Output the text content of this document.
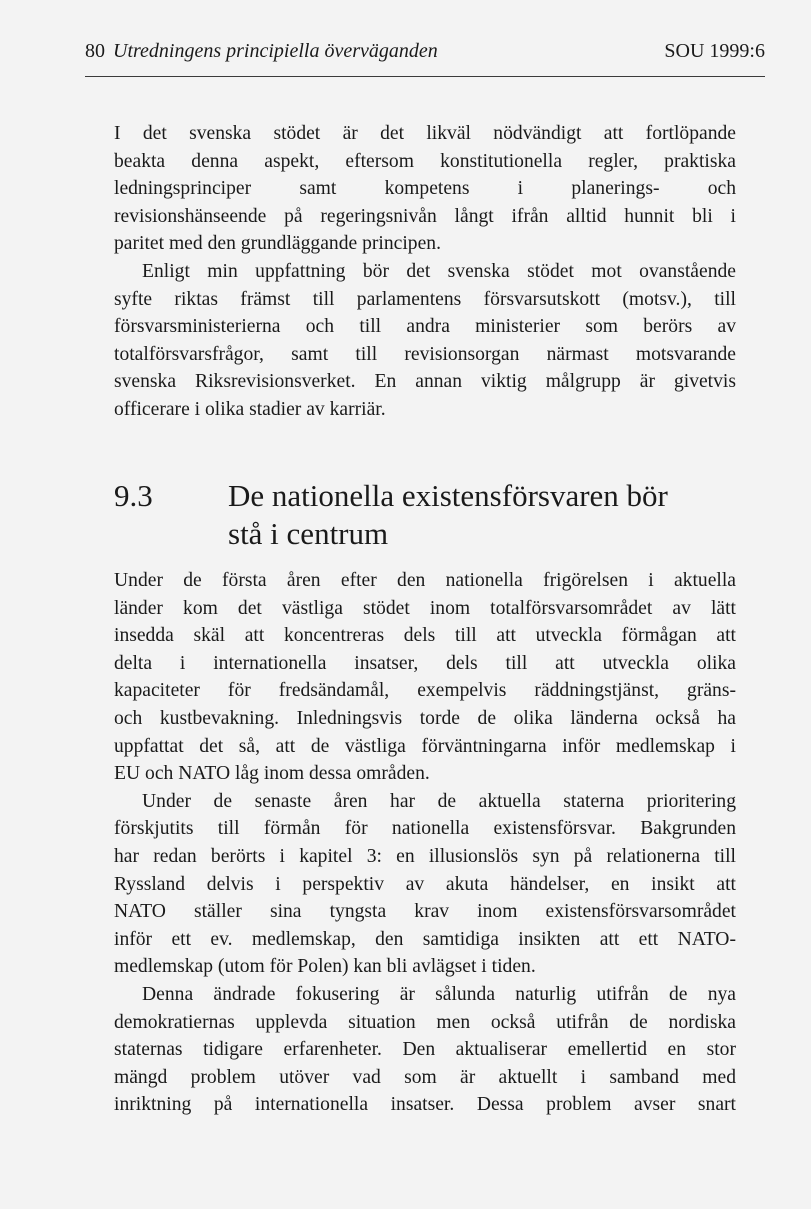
80 Utredningens principiella överväganden	SOU 1999:6
I det svenska stödet är det likväl nödvändigt att fortlöpande
beakta denna aspekt, eftersom konstitutionella regler, praktiska
ledningsprinciper samt kompetens i planerings- och
revisionshänseende på regeringsnivån långt ifrån alltid hunnit bli i
paritet med den grundläggande principen.
Enligt min uppfattning bör det svenska stödet mot ovanstående
syfte riktas främst till parlamentens försvarsutskott (motsv.), till
försvarsministerierna och till andra ministerier som berörs av
totalförsvarsfrågor, samt till revisionsorgan närmast motsvarande
svenska Riksrevisionsverket. En annan viktig målgrupp är givetvis
officerare i olika stadier av karriär.
9.3 De nationella existensförsvaren bör
stå i centrum
Under de första åren efter den nationella frigörelsen i aktuella
länder kom det västliga stödet inom totalförsvarsområdet av lätt
insedda skäl att koncentreras dels till att utveckla förmågan att
delta i internationella insatser, dels till att utveckla olika
kapaciteter för fredsändamål, exempelvis räddningstjänst, gräns-
och kustbevakning. Inledningsvis torde de olika länderna också ha
uppfattat det så, att de västliga förväntningarna inför medlemskap i
EU och NATO låg inom dessa områden.
Under de senaste åren har de aktuella staterna prioritering
förskjutits till förmån för nationella existensförsvar. Bakgrunden
har redan berörts i kapitel 3: en illusionslös syn på relationerna till
Ryssland delvis i perspektiv av akuta händelser, en insikt att
NATO ställer sina tyngsta krav inom existensförsvarsområdet
inför ett ev. medlemskap, den samtidiga insikten att ett NATO-
medlemskap (utom för Polen) kan bli avlägset i tiden.
Denna ändrade fokusering är sålunda naturlig utifrån de nya
demokratiernas upplevda situation men också utifrån de nordiska
staternas tidigare erfarenheter. Den aktualiserar emellertid en stor
mängd problem utöver vad som är aktuellt i samband med
inriktning på internationella insatser. Dessa problem avser snart
